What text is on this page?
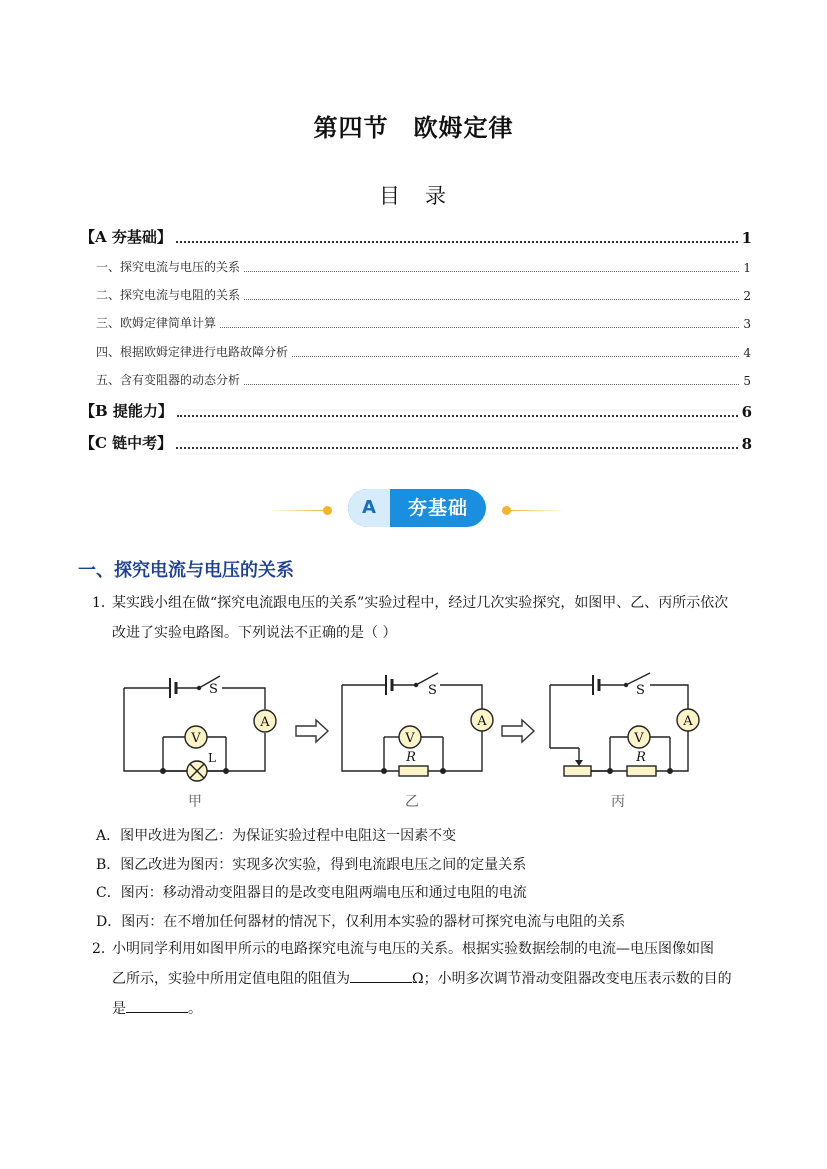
第四节　欧姆定律
目　录
【A 夯基础】	1
一、探究电流与电压的关系	1
二、探究电流与电阻的关系	2
三、欧姆定律简单计算	3
四、根据欧姆定律进行电路故障分析	4
五、含有变阻器的动态分析	5
【B 提能力】	6
【C 链中考】	8
A	夯基础
一、探究电流与电压的关系
1．某实践小组在做“探究电流跟电压的关系”实验过程中，经过几次实验探究，如图甲、乙、丙所示依次
改进了实验电路图。下列说法不正确的是（ ）
A
V
S
L
甲
A
V
R
S
乙
A
V
R
S
丙
A．图甲改进为图乙：为保证实验过程中电阻这一因素不变
B．图乙改进为图丙：实现多次实验，得到电流跟电压之间的定量关系
C．图丙：移动滑动变阻器目的是改变电阻两端电压和通过电阻的电流
D．图丙：在不增加任何器材的情况下，仅利用本实验的器材可探究电流与电阻的关系
2．小明同学利用如图甲所示的电路探究电流与电压的关系。根据实验数据绘制的电流—电压图像如图
乙所示，实验中所用定值电阻的阻值为	Ω；小明多次调节滑动变阻器改变电压表示数的目的
是	。
